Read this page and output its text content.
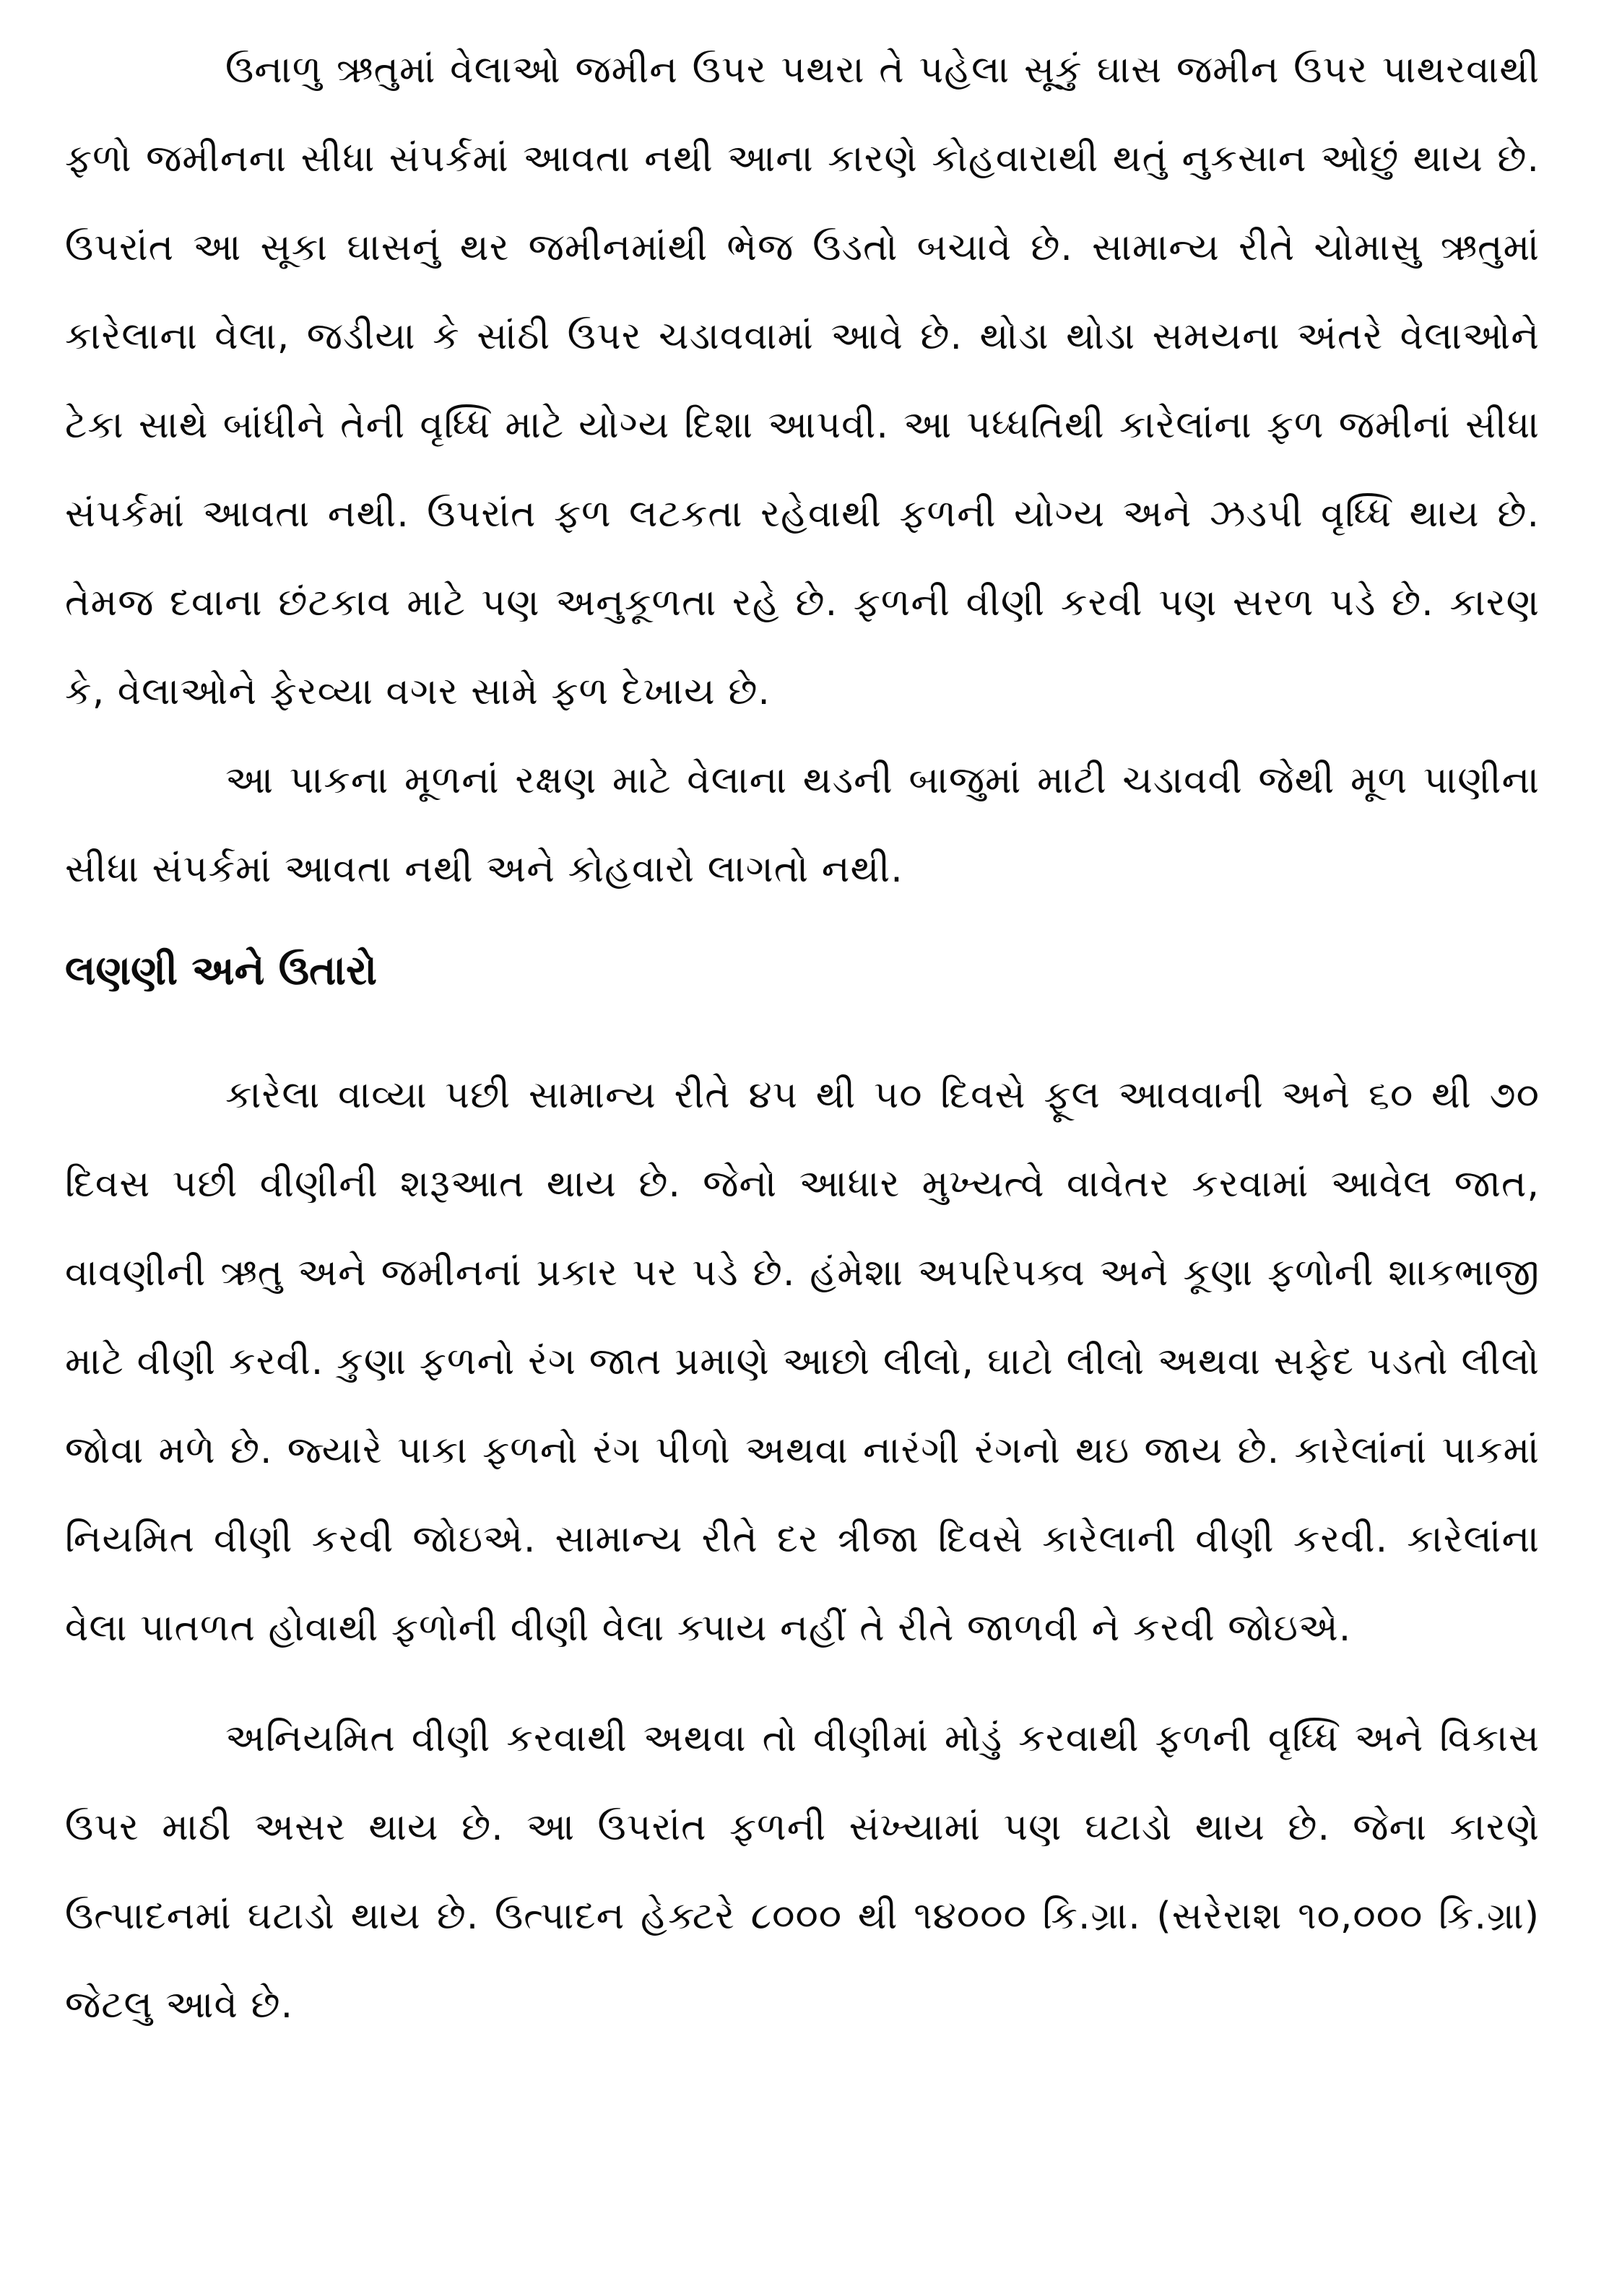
ઉનાળુ ઋતુમાં વેલાઓ જમીન ઉપર પથરા તે પહેલા સૂકું ઘાસ જમીન ઉપર પાથરવાથી ફળો જમીનના સીધા સંપર્કમાં આવતા નથી આના કારણે કોહવારાથી થતું નુકસાન ઓછું થાય છે. ઉપરાંત આ સૂકા ઘાસનું થર જમીનમાંથી ભેજ ઉડતો બચાવે છે. સામાન્ય રીતે ચોમાસુ ઋતુમાં કારેલાના વેલા, જડીયા કે સાંઠી ઉપર ચડાવવામાં આવે છે. થોડા થોડા સમયના અંતરે વેલાઓને ટેકા સાથે બાંધીને તેની વૃધ્ધિ માટે યોગ્ય દિશા આપવી. આ પધ્ધતિથી કારેલાંના ફળ જમીનાં સીધા સંપર્કમાં આવતા નથી. ઉપરાંત ફળ લટકતા રહેવાથી ફળની યોગ્ય અને ઝડપી વૃધ્ધિ થાય છે. તેમજ દવાના છંટકાવ માટે પણ અનુકૂળતા રહે છે. ફળની વીણી કરવી પણ સરળ પડે છે. કારણ કે, વેલાઓને ફેરવ્યા વગર સામે ફળ દેખાય છે.

આ પાકના મૂળનાં રક્ષણ માટે વેલાના થડની બાજુમાં માટી ચડાવવી જેથી મૂળ પાણીના સીધા સંપર્કમાં આવતા નથી અને કોહવારો લાગતો નથી.

લણણી અને ઉતારો

કારેલા વાવ્યા પછી સામાન્ય રીતે ૪૫ થી ૫૦ દિવસે ફૂલ આવવાની અને ૬૦ થી ૭૦ દિવસ પછી વીણીની શરૂઆત થાય છે. જેનો આધાર મુખ્યત્વે વાવેતર કરવામાં આવેલ જાત, વાવણીની ઋતુ અને જમીનનાં પ્રકાર પર પડે છે. હંમેશા અપરિપક્વ અને કૂણા ફળોની શાકભાજી માટે વીણી કરવી. કુણા ફળનો રંગ જાત પ્રમાણે આછો લીલો, ઘાટો લીલો અથવા સફેદ પડતો લીલો જોવા મળે છે. જ્યારે પાકા ફળનો રંગ પીળો અથવા નારંગી રંગનો થઇ જાય છે. કારેલાંનાં પાકમાં નિયમિત વીણી કરવી જોઇએ. સામાન્ય રીતે દર ત્રીજા દિવસે કારેલાની વીણી કરવી. કારેલાંના વેલા પાતળત હોવાથી ફળોની વીણી વેલા ક્પાય નહીં તે રીતે જાળવી ને કરવી જોઇએ.

અનિયમિત વીણી કરવાથી અથવા તો વીણીમાં મોડું કરવાથી ફળની વૃધ્ધિ અને વિકાસ ઉપર માઠી અસર થાય છે. આ ઉપરાંત ફળની સંખ્યામાં પણ ઘટાડો થાય છે. જેના કારણે ઉત્પાદનમાં ઘટાડો થાય છે. ઉત્પાદન હેક્ટરે ૮૦૦૦ થી ૧૪૦૦૦ કિ.ગ્રા. (સરેરાશ ૧૦,૦૦૦ કિ.ગ્રા) જેટલુ આવે છે.
